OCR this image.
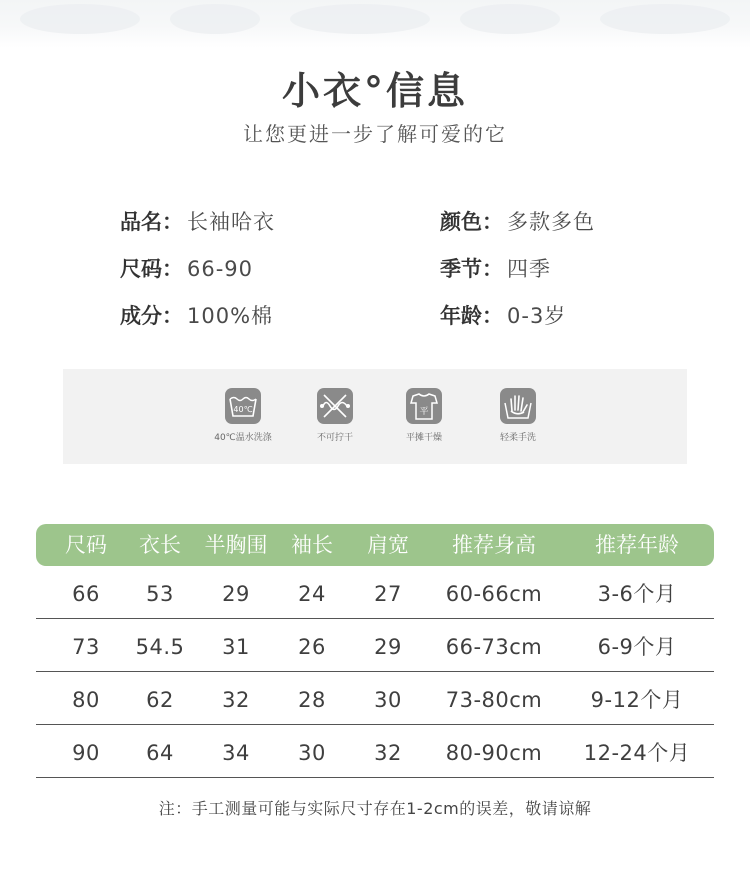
小衣°信息
让您更进一步了解可爱的它
品名： 长袖哈衣	颜色： 多款多色
尺码： 66-90	季节： 四季
成分： 100%棉	年龄： 0-3岁
40℃
40℃温水洗涤	不可拧干
平
平摊干燥	轻柔手洗
尺码	衣长	半胸围	袖长	肩宽	推荐身高	推荐年龄
66	53	29	24	27	60-66cm	3-6个月
73	54.5	31	26	29	66-73cm	6-9个月
80	62	32	28	30	73-80cm	9-12个月
90	64	34	30	32	80-90cm	12-24个月
注：手工测量可能与实际尺寸存在1-2cm的误差，敬请谅解
